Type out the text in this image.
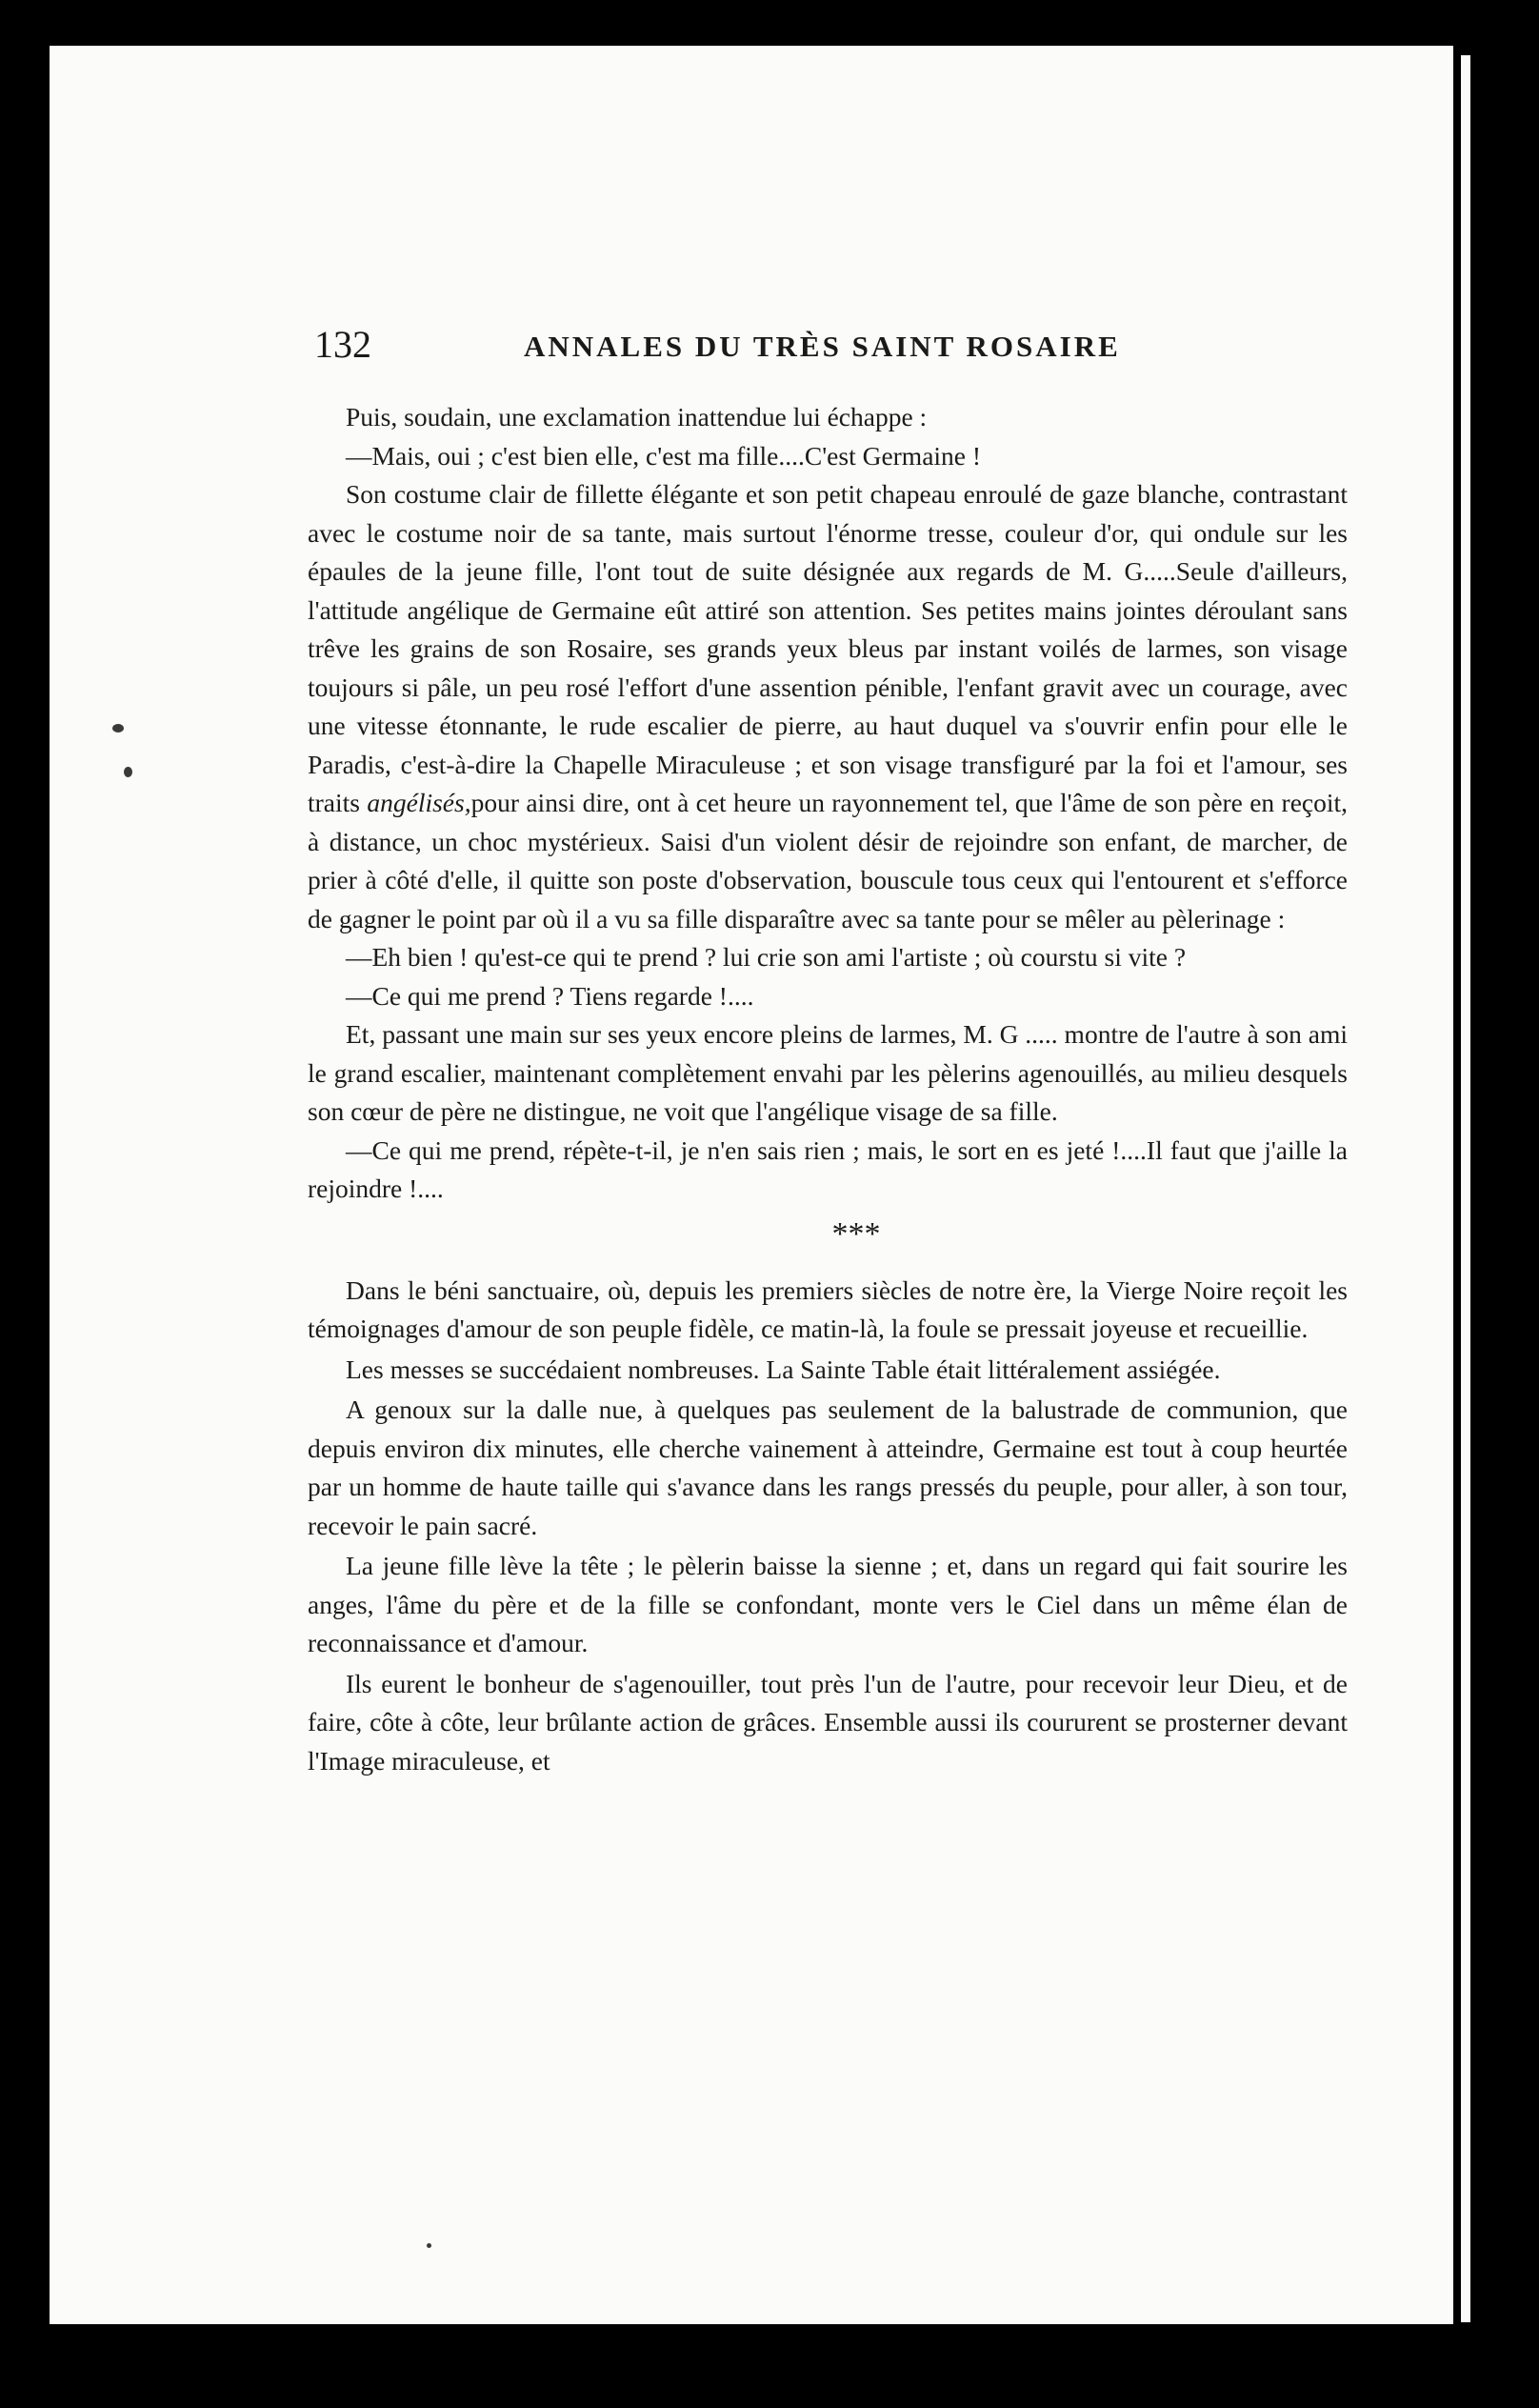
132	ANNALES DU TRÈS SAINT ROSAIRE

Puis, soudain, une exclamation inattendue lui échappe :

—Mais, oui ; c'est bien elle, c'est ma fille....C'est Germaine !

Son costume clair de fillette élégante et son petit chapeau enroulé de gaze blanche, contrastant avec le costume noir de sa tante, mais surtout l'énorme tresse, couleur d'or, qui ondule sur les épaules de la jeune fille, l'ont tout de suite désignée aux regards de M. G.....Seule d'ailleurs, l'attitude angélique de Germaine eût attiré son attention. Ses petites mains jointes déroulant sans trêve les grains de son Rosaire, ses grands yeux bleus par instant voilés de larmes, son visage toujours si pâle, un peu rosé l'effort d'une assention pénible, l'enfant gravit avec un courage, avec une vitesse étonnante, le rude escalier de pierre, au haut duquel va s'ouvrir enfin pour elle le Paradis, c'est-à-dire la Chapelle Miraculeuse ; et son visage transfiguré par la foi et l'amour, ses traits angélisés,pour ainsi dire, ont à cet heure un rayonnement tel, que l'âme de son père en reçoit, à distance, un choc mystérieux. Saisi d'un violent désir de rejoindre son enfant, de marcher, de prier à côté d'elle, il quitte son poste d'observation, bouscule tous ceux qui l'entourent et s'efforce de gagner le point par où il a vu sa fille disparaître avec sa tante pour se mêler au pèlerinage :

—Eh bien ! qu'est-ce qui te prend ? lui crie son ami l'artiste ; où courstu si vite ?

—Ce qui me prend ? Tiens regarde !....

Et, passant une main sur ses yeux encore pleins de larmes, M. G ..... montre de l'autre à son ami le grand escalier, maintenant complètement envahi par les pèlerins agenouillés, au milieu desquels son cœur de père ne distingue, ne voit que l'angélique visage de sa fille.

—Ce qui me prend, répète-t-il, je n'en sais rien ; mais, le sort en es jeté !....Il faut que j'aille la rejoindre !....

***

Dans le béni sanctuaire, où, depuis les premiers siècles de notre ère, la Vierge Noire reçoit les témoignages d'amour de son peuple fidèle, ce matin-là, la foule se pressait joyeuse et recueillie.

Les messes se succédaient nombreuses. La Sainte Table était littéralement assiégée.

A genoux sur la dalle nue, à quelques pas seulement de la balustrade de communion, que depuis environ dix minutes, elle cherche vainement à atteindre, Germaine est tout à coup heurtée par un homme de haute taille qui s'avance dans les rangs pressés du peuple, pour aller, à son tour, recevoir le pain sacré.

La jeune fille lève la tête ; le pèlerin baisse la sienne ; et, dans un regard qui fait sourire les anges, l'âme du père et de la fille se confondant, monte vers le Ciel dans un même élan de reconnaissance et d'amour.

Ils eurent le bonheur de s'agenouiller, tout près l'un de l'autre, pour recevoir leur Dieu, et de faire, côte à côte, leur brûlante action de grâces. Ensemble aussi ils coururent se prosterner devant l'Image miraculeuse, et
